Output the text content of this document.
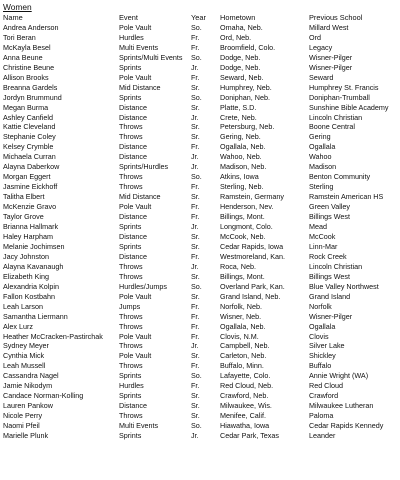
Women
Name	Event	Year	Hometown	Previous School
Andrea Anderson	Pole Vault	So.	Omaha, Neb.	Millard West
Tori Beran	Hurdles	Fr.	Ord, Neb.	Ord
McKayla Besel	Multi Events	Fr.	Broomfield, Colo.	Legacy
Anna Beune	Sprints/Multi Events	So.	Dodge, Neb.	Wisner-Pilger
Christine Beune	Sprints	Jr.	Dodge, Neb.	Wisner-Pilger
Allison Brooks	Pole Vault	Fr.	Seward, Neb.	Seward
Breanna Gardels	Mid Distance	Sr.	Humphrey, Neb.	Humphrey St. Francis
Jordyn Brummund	Sprints	So.	Doniphan, Neb.	Doniphan-Trumball
Megan Burma	Distance	Sr.	Platte, S.D.	Sunshine Bible Academy
Ashley Canfield	Distance	Jr.	Crete, Neb.	Lincoln Christian
Kattie Cleveland	Throws	Sr.	Petersburg, Neb.	Boone Central
Stephanie Coley	Throws	Sr.	Gering, Neb.	Gering
Kelsey Crymble	Distance	Fr.	Ogallala, Neb.	Ogallala
Michaela Curran	Distance	Jr.	Wahoo, Neb.	Wahoo
Alayna Daberkow	Sprints/Hurdles	Jr.	Madison, Neb.	Madison
Morgan Eggert	Throws	So.	Atkins, Iowa	Benton Community
Jasmine Eickhoff	Throws	Fr.	Sterling, Neb.	Sterling
Talitha Elbert	Mid Distance	Sr.	Ramstein, Germany	Ramstein American HS
McKenzie Gravo	Pole Vault	Fr.	Henderson, Nev.	Green Valley
Taylor Grove	Distance	Fr.	Billings, Mont.	Billings West
Brianna Hallmark	Sprints	Jr.	Longmont, Colo.	Mead
Haley Harpham	Distance	Sr.	McCook, Neb.	McCook
Melanie Jochimsen	Sprints	Sr.	Cedar Rapids, Iowa	Linn-Mar
Jacy Johnston	Distance	Fr.	Westmoreland, Kan.	Rock Creek
Alayna Kavanaugh	Throws	Jr.	Roca, Neb.	Lincoln Christian
Elizabeth King	Throws	Sr.	Billings, Mont.	Billings West
Alexandria Kolpin	Hurdles/Jumps	So.	Overland Park, Kan.	Blue Valley Northwest
Fallon Kostbahn	Pole Vault	Sr.	Grand Island, Neb.	Grand Island
Leah Larson	Jumps	Fr.	Norfolk, Neb.	Norfolk
Samantha Liermann	Throws	Fr.	Wisner, Neb.	Wisner-Pilger
Alex Lurz	Throws	Fr.	Ogallala, Neb.	Ogallala
Heather McCracken-Pastirchak	Pole Vault	Fr.	Clovis, N.M.	Clovis
Sydney Meyer	Throws	Jr.	Campbell, Neb.	Silver Lake
Cynthia Mick	Pole Vault	Sr.	Carleton, Neb.	Shickley
Leah Mussell	Throws	Fr.	Buffalo, Minn.	Buffalo
Cassandra Nagel	Sprints	So.	Lafayette, Colo.	Annie Wright (WA)
Jamie Nikodym	Hurdles	Fr.	Red Cloud, Neb.	Red Cloud
Candace Norman-Kolling	Sprints	Sr.	Crawford, Neb.	Crawford
Lauren Pankow	Distance	Sr.	Milwaukee, Wis.	Milwaukee Lutheran
Nicole Perry	Throws	Sr.	Menifee, Calif.	Paloma
Naomi Pfeil	Multi Events	So.	Hiawatha, Iowa	Cedar Rapids Kennedy
Marielle Plunk	Sprints	Jr.	Cedar Park, Texas	Leander
